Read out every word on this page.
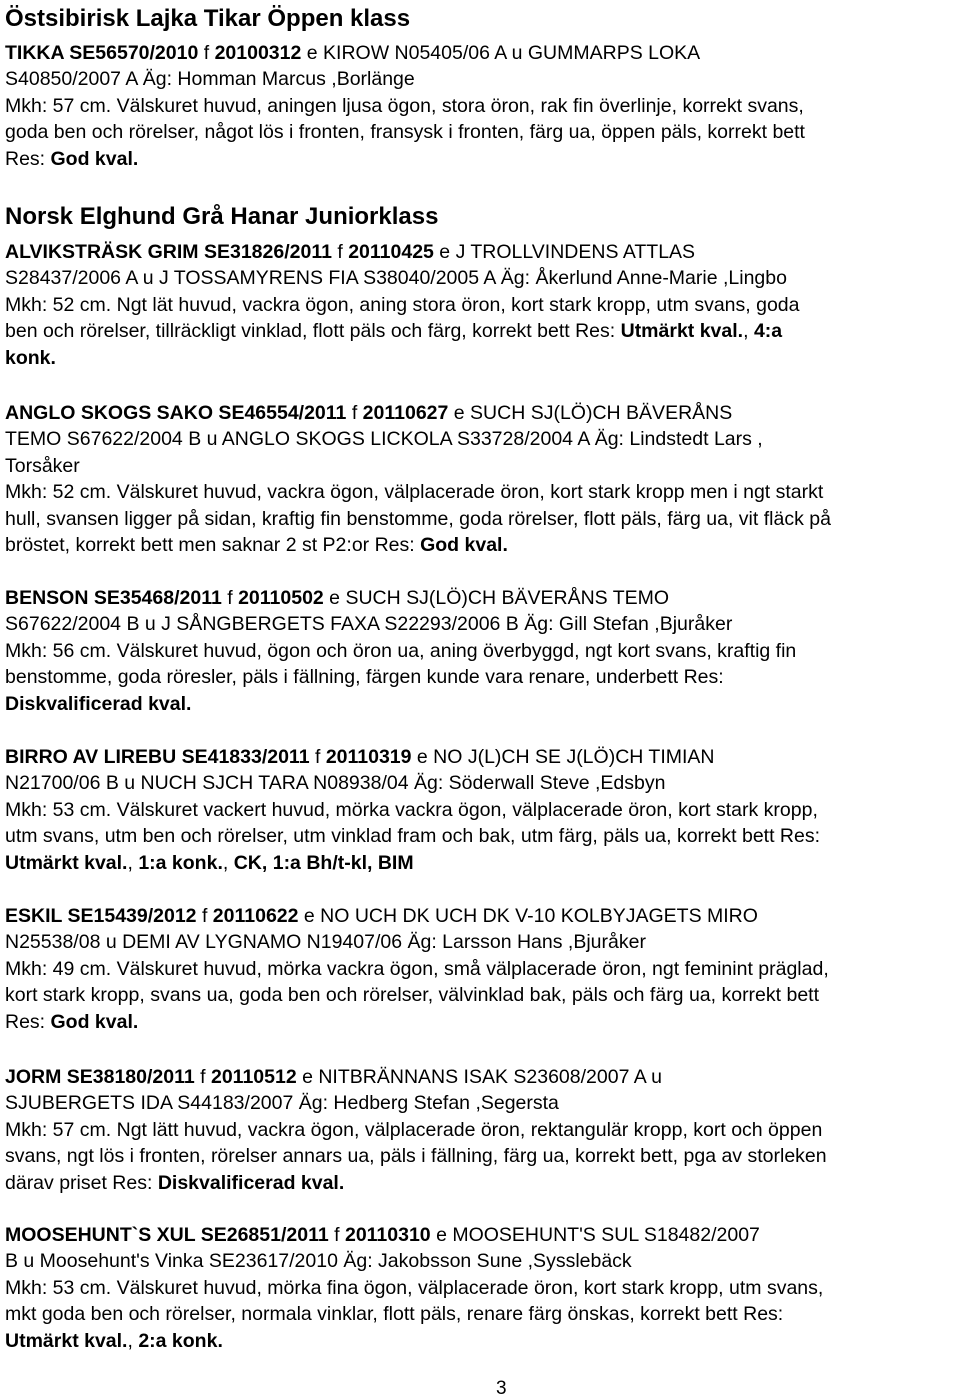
Östsibirisk Lajka Tikar Öppen klass
TIKKA SE56570/2010 f 20100312 e KIROW N05405/06 A u GUMMARPS LOKA
S40850/2007 A Äg: Homman Marcus ,Borlänge
Mkh: 57 cm. Välskuret huvud, aningen ljusa ögon, stora öron, rak fin överlinje, korrekt svans,
goda ben och rörelser, något lös i fronten, fransysk i fronten, färg ua, öppen päls, korrekt bett
Res: God kval.
Norsk Elghund Grå Hanar Juniorklass
ALVIKSTRÄSK GRIM SE31826/2011 f 20110425 e J TROLLVINDENS ATTLAS
S28437/2006 A u J TOSSAMYRENS FIA S38040/2005 A Äg: Åkerlund Anne-Marie ,Lingbo
Mkh: 52 cm. Ngt lät huvud, vackra ögon, aning stora öron, kort stark kropp, utm svans, goda
ben och rörelser, tillräckligt vinklad, flott päls och färg, korrekt bett Res: Utmärkt kval., 4:a
konk.
ANGLO SKOGS SAKO SE46554/2011 f 20110627 e SUCH SJ(LÖ)CH BÄVERÅNS
TEMO S67622/2004 B u ANGLO SKOGS LICKOLA S33728/2004 A Äg: Lindstedt Lars ,
Torsåker
Mkh: 52 cm. Välskuret huvud, vackra ögon, välplacerade öron, kort stark kropp men i ngt starkt
hull, svansen ligger på sidan, kraftig fin benstomme, goda rörelser, flott päls, färg ua, vit fläck på
bröstet, korrekt bett men saknar 2 st P2:or Res: God kval.
BENSON SE35468/2011 f 20110502 e SUCH SJ(LÖ)CH BÄVERÅNS TEMO
S67622/2004 B u J SÅNGBERGETS FAXA S22293/2006 B Äg: Gill Stefan ,Bjuråker
Mkh: 56 cm. Välskuret huvud, ögon och öron ua, aning överbyggd, ngt kort svans, kraftig fin
benstomme, goda röresler, päls i fällning, färgen kunde vara renare, underbett Res:
Diskvalificerad kval.
BIRRO AV LIREBU SE41833/2011 f 20110319 e NO J(L)CH SE J(LÖ)CH TIMIAN
N21700/06 B u NUCH SJCH TARA N08938/04 Äg: Söderwall Steve ,Edsbyn
Mkh: 53 cm. Välskuret vackert huvud, mörka vackra ögon, välplacerade öron, kort stark kropp,
utm svans, utm ben och rörelser, utm vinklad fram och bak, utm färg, päls ua, korrekt bett Res:
Utmärkt kval., 1:a konk., CK, 1:a Bh/t-kl, BIM
ESKIL SE15439/2012 f 20110622 e NO UCH DK UCH DK V-10 KOLBYJAGETS MIRO
N25538/08 u DEMI AV LYGNAMO N19407/06 Äg: Larsson Hans ,Bjuråker
Mkh: 49 cm. Välskuret huvud, mörka vackra ögon, små välplacerade öron, ngt feminint präglad,
kort stark kropp, svans ua, goda ben och rörelser, välvinklad bak, päls och färg ua, korrekt bett
Res: God kval.
JORM SE38180/2011 f 20110512 e NITBRÄNNANS ISAK S23608/2007 A u
SJUBERGETS IDA S44183/2007 Äg: Hedberg Stefan ,Segersta
Mkh: 57 cm. Ngt lätt huvud, vackra ögon, välplacerade öron, rektangulär kropp, kort och öppen
svans, ngt lös i fronten, rörelser annars ua, päls i fällning, färg ua, korrekt bett, pga av storleken
därav priset Res: Diskvalificerad kval.
MOOSEHUNT`S XUL SE26851/2011 f 20110310 e MOOSEHUNT'S SUL S18482/2007
B u Moosehunt's Vinka SE23617/2010 Äg: Jakobsson Sune ,Sysslebäck
Mkh: 53 cm. Välskuret huvud, mörka fina ögon, välplacerade öron, kort stark kropp, utm svans,
mkt goda ben och rörelser, normala vinklar, flott päls, renare färg önskas, korrekt bett Res:
Utmärkt kval., 2:a konk.
3
